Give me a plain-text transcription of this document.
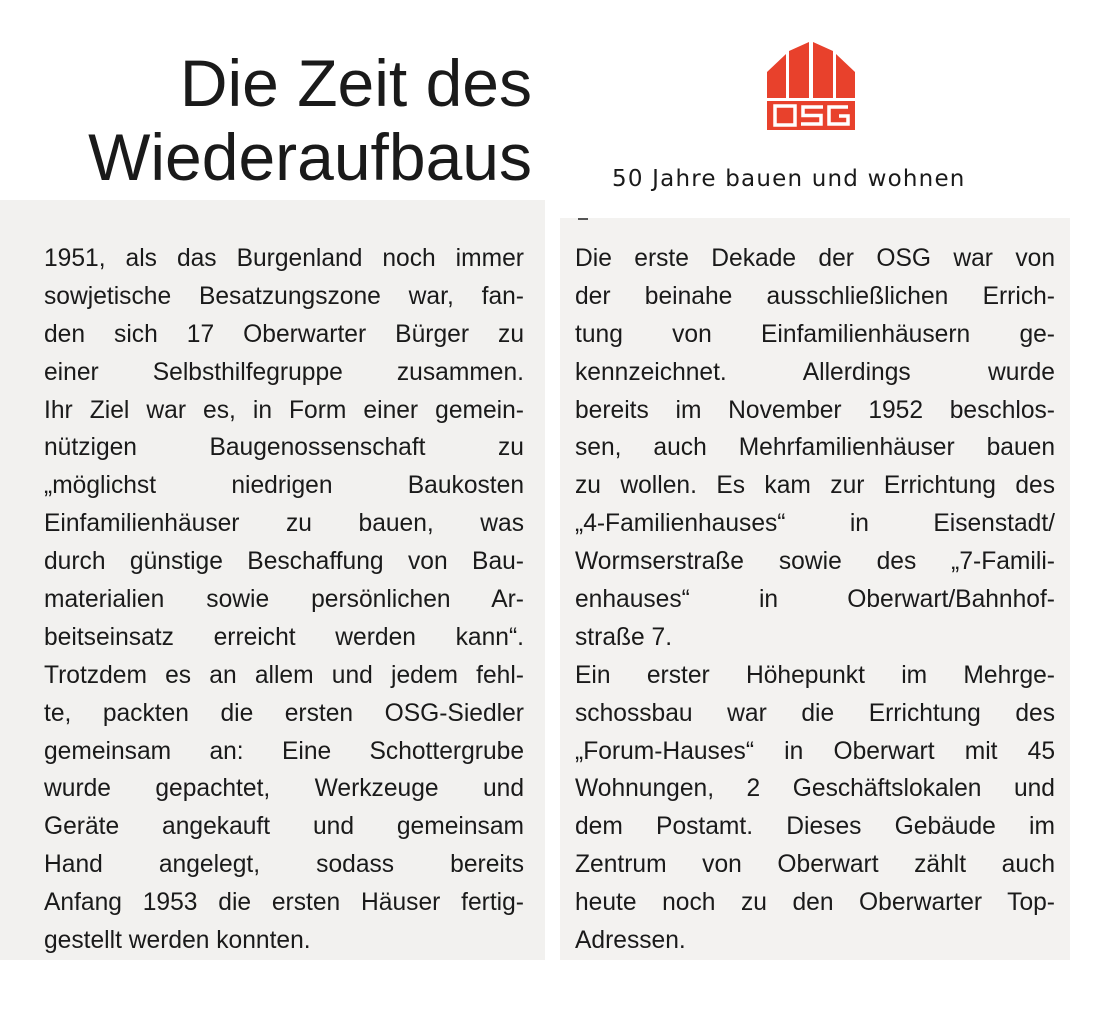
Die Zeit des
Wiederaufbaus	50 Jahre bauen und wohnen
1951, als das Burgenland noch immer
sowjetische Besatzungszone war, fan-
den sich 17 Oberwarter Bürger zu
einer Selbsthilfegruppe zusammen.
Ihr Ziel war es, in Form einer gemein-
nützigen Baugenossenschaft zu
„möglichst niedrigen Baukosten
Einfamilienhäuser zu bauen, was
durch günstige Beschaffung von Bau-
materialien sowie persönlichen Ar-
beitseinsatz erreicht werden kann“.
Trotzdem es an allem und jedem fehl-
te, packten die ersten OSG-Siedler
gemeinsam an: Eine Schottergrube
wurde gepachtet, Werkzeuge und
Geräte angekauft und gemeinsam
Hand angelegt, sodass bereits
Anfang 1953 die ersten Häuser fertig-
gestellt werden konnten.
Die erste Dekade der OSG war von
der beinahe ausschließlichen Errich-
tung von Einfamilienhäusern ge-
kennzeichnet. Allerdings wurde
bereits im November 1952 beschlos-
sen, auch Mehrfamilienhäuser bauen
zu wollen. Es kam zur Errichtung des
„4-Familienhauses“ in Eisenstadt/
Wormserstraße sowie des „7-Famili-
enhauses“ in Oberwart/Bahnhof-
straße 7.
Ein erster Höhepunkt im Mehrge-
schossbau war die Errichtung des
„Forum-Hauses“ in Oberwart mit 45
Wohnungen, 2 Geschäftslokalen und
dem Postamt. Dieses Gebäude im
Zentrum von Oberwart zählt auch
heute noch zu den Oberwarter Top-
Adressen.
